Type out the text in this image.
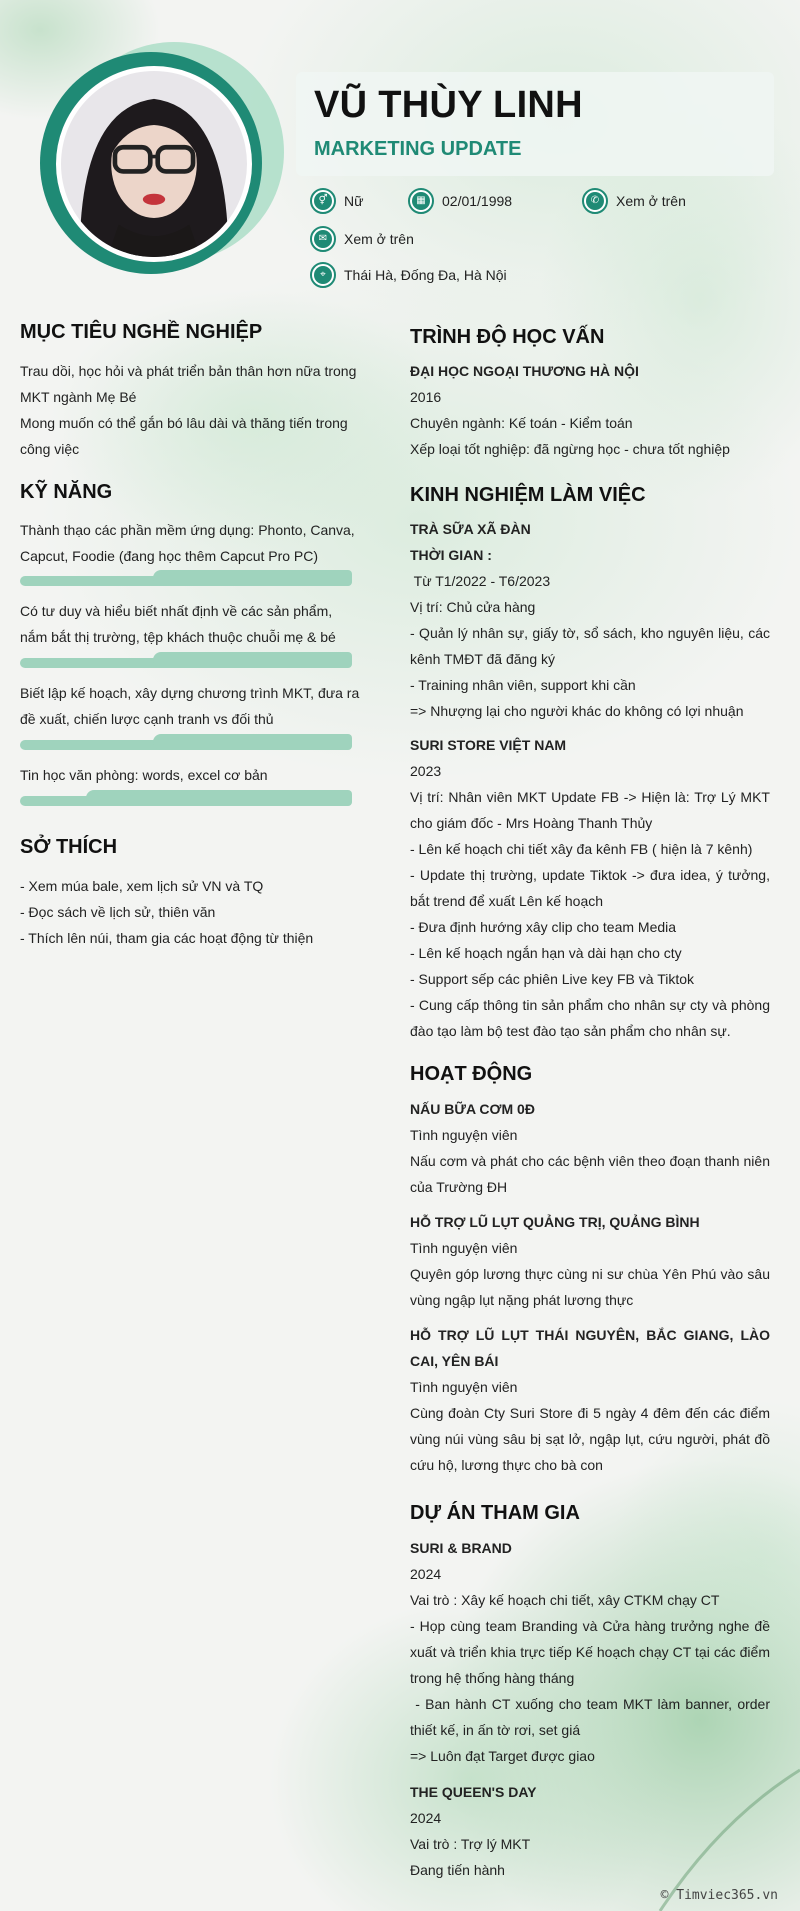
VŨ THÙY LINH
MARKETING UPDATE
⚥	Nữ	▦	02/01/1998	✆	Xem ở trên
✉	Xem ở trên
⌖	Thái Hà, Đống Đa, Hà Nội
MỤC TIÊU NGHỀ NGHIỆP

Trau dồi, học hỏi và phát triển bản thân hơn nữa trong MKT ngành Mẹ Bé

Mong muốn có thể gắn bó lâu dài và thăng tiến trong công việc

KỸ NĂNG
Thành thạo các phần mềm ứng dụng: Phonto, Canva, Capcut, Foodie (đang học thêm Capcut Pro PC)
Có tư duy và hiểu biết nhất định về các sản phẩm, nắm bắt thị trường, tệp khách thuộc chuỗi mẹ & bé
Biết lập kế hoạch, xây dựng chương trình MKT, đưa ra đề xuất, chiến lược cạnh tranh vs đối thủ
Tin học văn phòng: words, excel cơ bản
SỞ THÍCH

- Xem múa bale, xem lịch sử VN và TQ

- Đọc sách về lịch sử, thiên văn

- Thích lên núi, tham gia các hoạt động từ thiện

TRÌNH ĐỘ HỌC VẤN

ĐẠI HỌC NGOẠI THƯƠNG HÀ NỘI

2016

Chuyên ngành: Kế toán - Kiểm toán

Xếp loại tốt nghiệp: đã ngừng học - chưa tốt nghiệp

KINH NGHIỆM LÀM VIỆC

TRÀ SỮA XÃ ĐÀN

THỜI GIAN :

Từ T1/2022 - T6/2023

Vị trí: Chủ cửa hàng

- Quản lý nhân sự, giấy tờ, sổ sách, kho nguyên liệu, các kênh TMĐT đã đăng ký

- Training nhân viên, support khi cần

=> Nhượng lại cho người khác do không có lợi nhuận

SURI STORE VIỆT NAM

2023

Vị trí: Nhân viên MKT Update FB -> Hiện là: Trợ Lý MKT cho giám đốc - Mrs Hoàng Thanh Thủy

- Lên kế hoạch chi tiết xây đa kênh FB ( hiện là 7 kênh)

- Update thị trường, update Tiktok -> đưa idea, ý tưởng, bắt trend để xuất Lên kế hoạch

- Đưa định hướng xây clip cho team Media

- Lên kế hoạch ngắn hạn và dài hạn cho cty

- Support sếp các phiên Live key FB và Tiktok

- Cung cấp thông tin sản phẩm cho nhân sự cty và phòng đào tạo làm bộ test đào tạo sản phẩm cho nhân sự.

HOẠT ĐỘNG

NẤU BỮA CƠM 0Đ

Tình nguyện viên

Nấu cơm và phát cho các bệnh viên theo đoạn thanh niên của Trường ĐH

HỖ TRỢ LŨ LỤT QUẢNG TRỊ, QUẢNG BÌNH

Tình nguyện viên

Quyên góp lương thực cùng ni sư chùa Yên Phú vào sâu vùng ngập lụt nặng phát lương thực

HỖ TRỢ LŨ LỤT THÁI NGUYÊN, BẮC GIANG, LÀO CAI, YÊN BÁI

Tình nguyện viên

Cùng đoàn Cty Suri Store đi 5 ngày 4 đêm đến các điểm vùng núi vùng sâu bị sạt lở, ngập lụt, cứu người, phát đồ cứu hộ, lương thực cho bà con

DỰ ÁN THAM GIA

SURI & BRAND

2024

Vai trò : Xây kế hoạch chi tiết, xây CTKM chạy CT

- Họp cùng team Branding và Cửa hàng trưởng nghe đề xuất và triển khia trực tiếp Kế hoạch chạy CT tại các điểm trong hệ thống hàng tháng

- Ban hành CT xuống cho team MKT làm banner, order thiết kế, in ấn tờ rơi, set giá

=> Luôn đạt Target được giao

THE QUEEN'S DAY

2024

Vai trò : Trợ lý MKT

Đang tiến hành

© Timviec365.vn
